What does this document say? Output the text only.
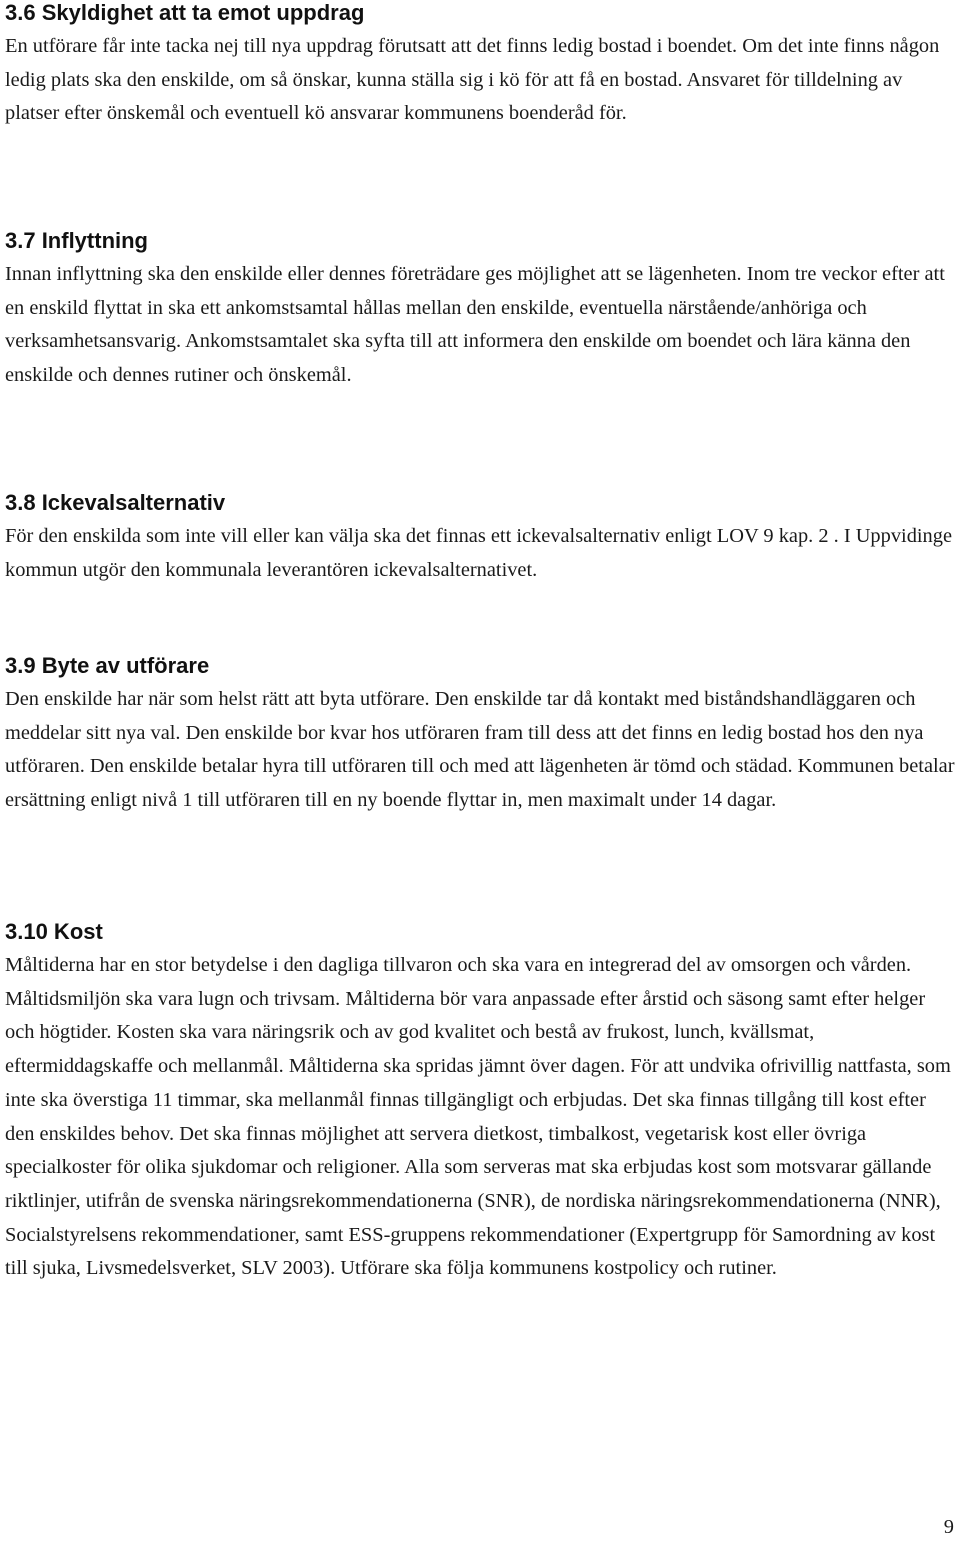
3.6 Skyldighet att ta emot uppdrag

En utförare får inte tacka nej till nya uppdrag förutsatt att det finns ledig bostad i boendet. Om det inte finns någon ledig plats ska den enskilde, om så önskar, kunna ställa sig i kö för att få en bostad. Ansvaret för tilldelning av platser efter önskemål och eventuell kö ansvarar kommunens boenderåd för.

3.7 Inflyttning

Innan inflyttning ska den enskilde eller dennes företrädare ges möjlighet att se lägenheten. Inom tre veckor efter att en enskild flyttat in ska ett ankomstsamtal hållas mellan den enskilde, eventuella närstående/anhöriga och verksamhetsansvarig. Ankomstsamtalet ska syfta till att informera den enskilde om boendet och lära känna den enskilde och dennes rutiner och önskemål.

3.8 Ickevalsalternativ

För den enskilda som inte vill eller kan välja ska det finnas ett ickevalsalternativ enligt LOV 9 kap. 2 . I Uppvidinge kommun utgör den kommunala leverantören ickevalsalternativet.

3.9 Byte av utförare

Den enskilde har när som helst rätt att byta utförare. Den enskilde tar då kontakt med biståndshandläggaren och meddelar sitt nya val. Den enskilde bor kvar hos utföraren fram till dess att det finns en ledig bostad hos den nya utföraren. Den enskilde betalar hyra till utföraren till och med att lägenheten är tömd och städad. Kommunen betalar ersättning enligt nivå 1 till utföraren till en ny boende flyttar in, men maximalt under 14 dagar.

3.10 Kost

Måltiderna har en stor betydelse i den dagliga tillvaron och ska vara en integrerad del av omsorgen och vården. Måltidsmiljön ska vara lugn och trivsam. Måltiderna bör vara anpassade efter årstid och säsong samt efter helger och högtider. Kosten ska vara näringsrik och av god kvalitet och bestå av frukost, lunch, kvällsmat, eftermiddagskaffe och mellanmål. Måltiderna ska spridas jämnt över dagen. För att undvika ofrivillig nattfasta, som inte ska överstiga 11 timmar, ska mellanmål finnas tillgängligt och erbjudas. Det ska finnas tillgång till kost efter den enskildes behov. Det ska finnas möjlighet att servera dietkost, timbalkost, vegetarisk kost eller övriga specialkoster för olika sjukdomar och religioner. Alla som serveras mat ska erbjudas kost som motsvarar gällande riktlinjer, utifrån de svenska näringsrekommendationerna (SNR), de nordiska näringsrekommendationerna (NNR), Socialstyrelsens rekommendationer, samt ESS-gruppens rekommendationer (Expertgrupp för Samordning av kost till sjuka, Livsmedelsverket, SLV 2003). Utförare ska följa kommunens kostpolicy och rutiner.

9
